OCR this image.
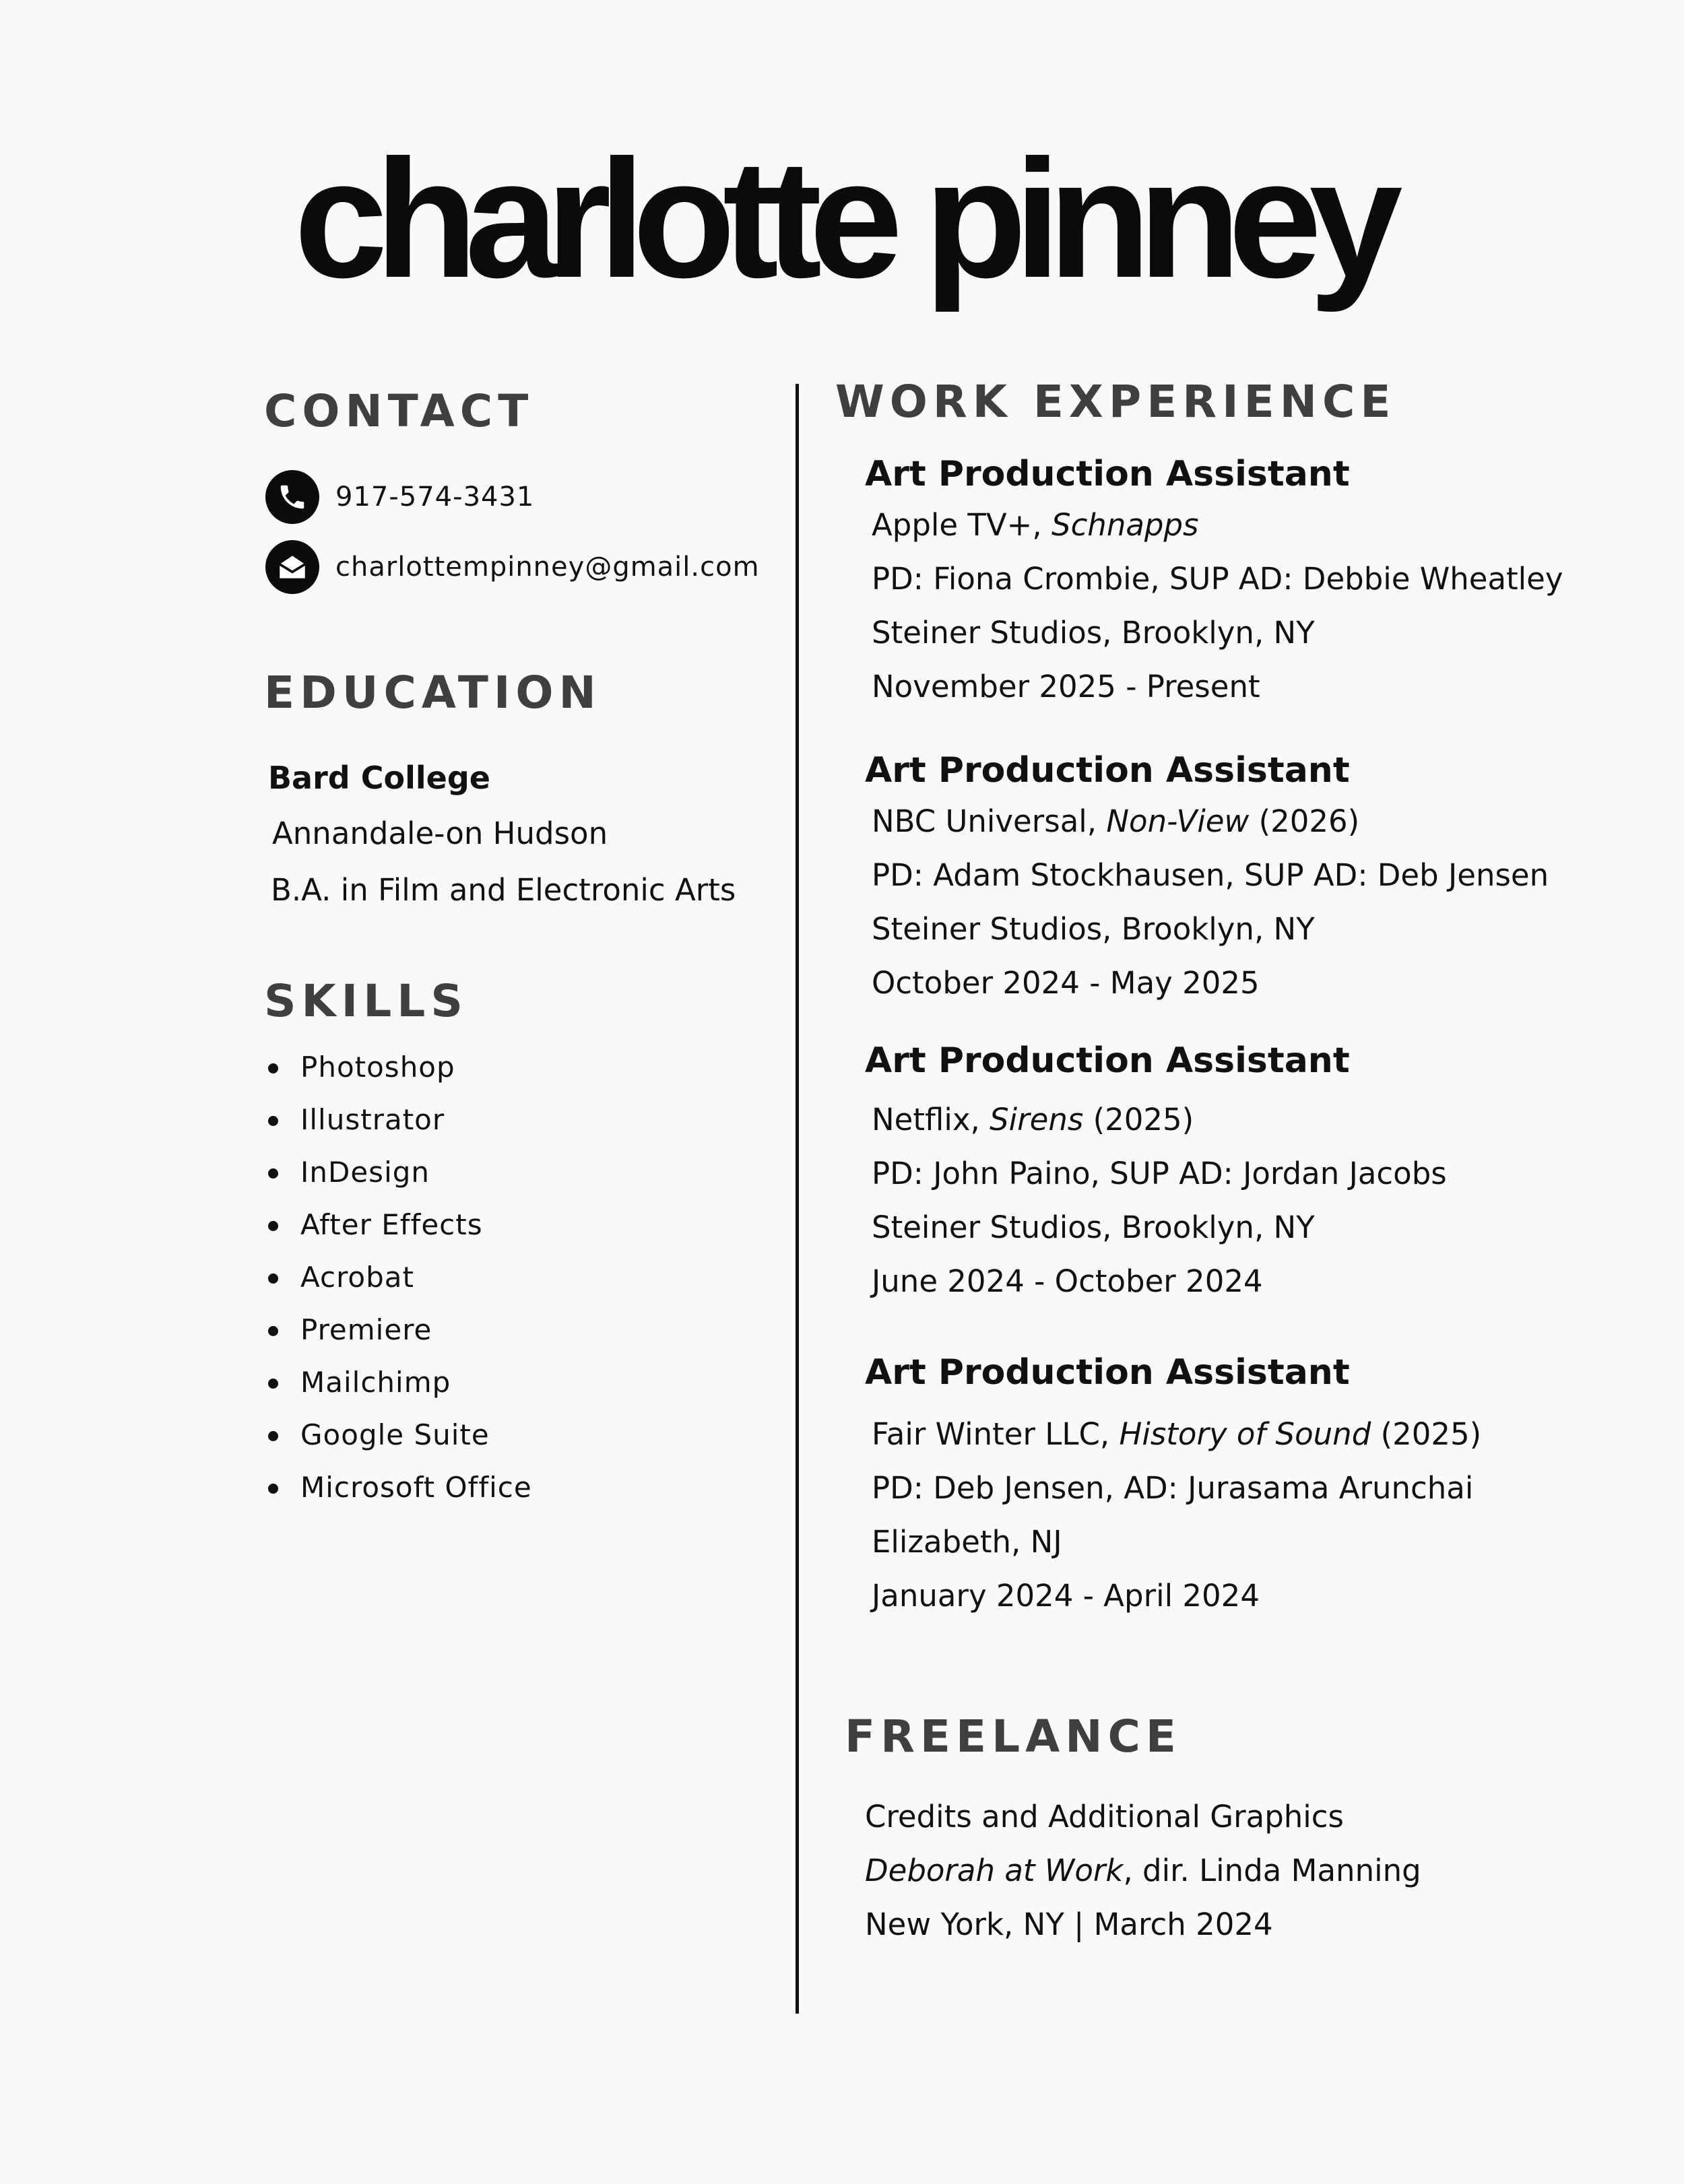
charlotte pinney
CONTACT
917-574-3431
charlottempinney@gmail.com
EDUCATION

Bard College

Annandale-on Hudson

B.A. in Film and Electronic Arts

SKILLS
Photoshop
Illustrator
InDesign
After Effects
Acrobat
Premiere
Mailchimp
Google Suite
Microsoft Office
WORK EXPERIENCE

Art Production Assistant

Apple TV+, Schnapps
PD: Fiona Crombie, SUP AD: Debbie Wheatley
Steiner Studios, Brooklyn, NY
November 2025 - Present

Art Production Assistant

NBC Universal, Non-View (2026)
PD: Adam Stockhausen, SUP AD: Deb Jensen
Steiner Studios, Brooklyn, NY
October 2024 - May 2025

Art Production Assistant

Netflix, Sirens (2025)
PD: John Paino, SUP AD: Jordan Jacobs
Steiner Studios, Brooklyn, NY
June 2024 - October 2024

Art Production Assistant

Fair Winter LLC, History of Sound (2025)
PD: Deb Jensen, AD: Jurasama Arunchai
Elizabeth, NJ
January 2024 - April 2024
FREELANCE
Credits and Additional Graphics
Deborah at Work, dir. Linda Manning
New York, NY | March 2024
